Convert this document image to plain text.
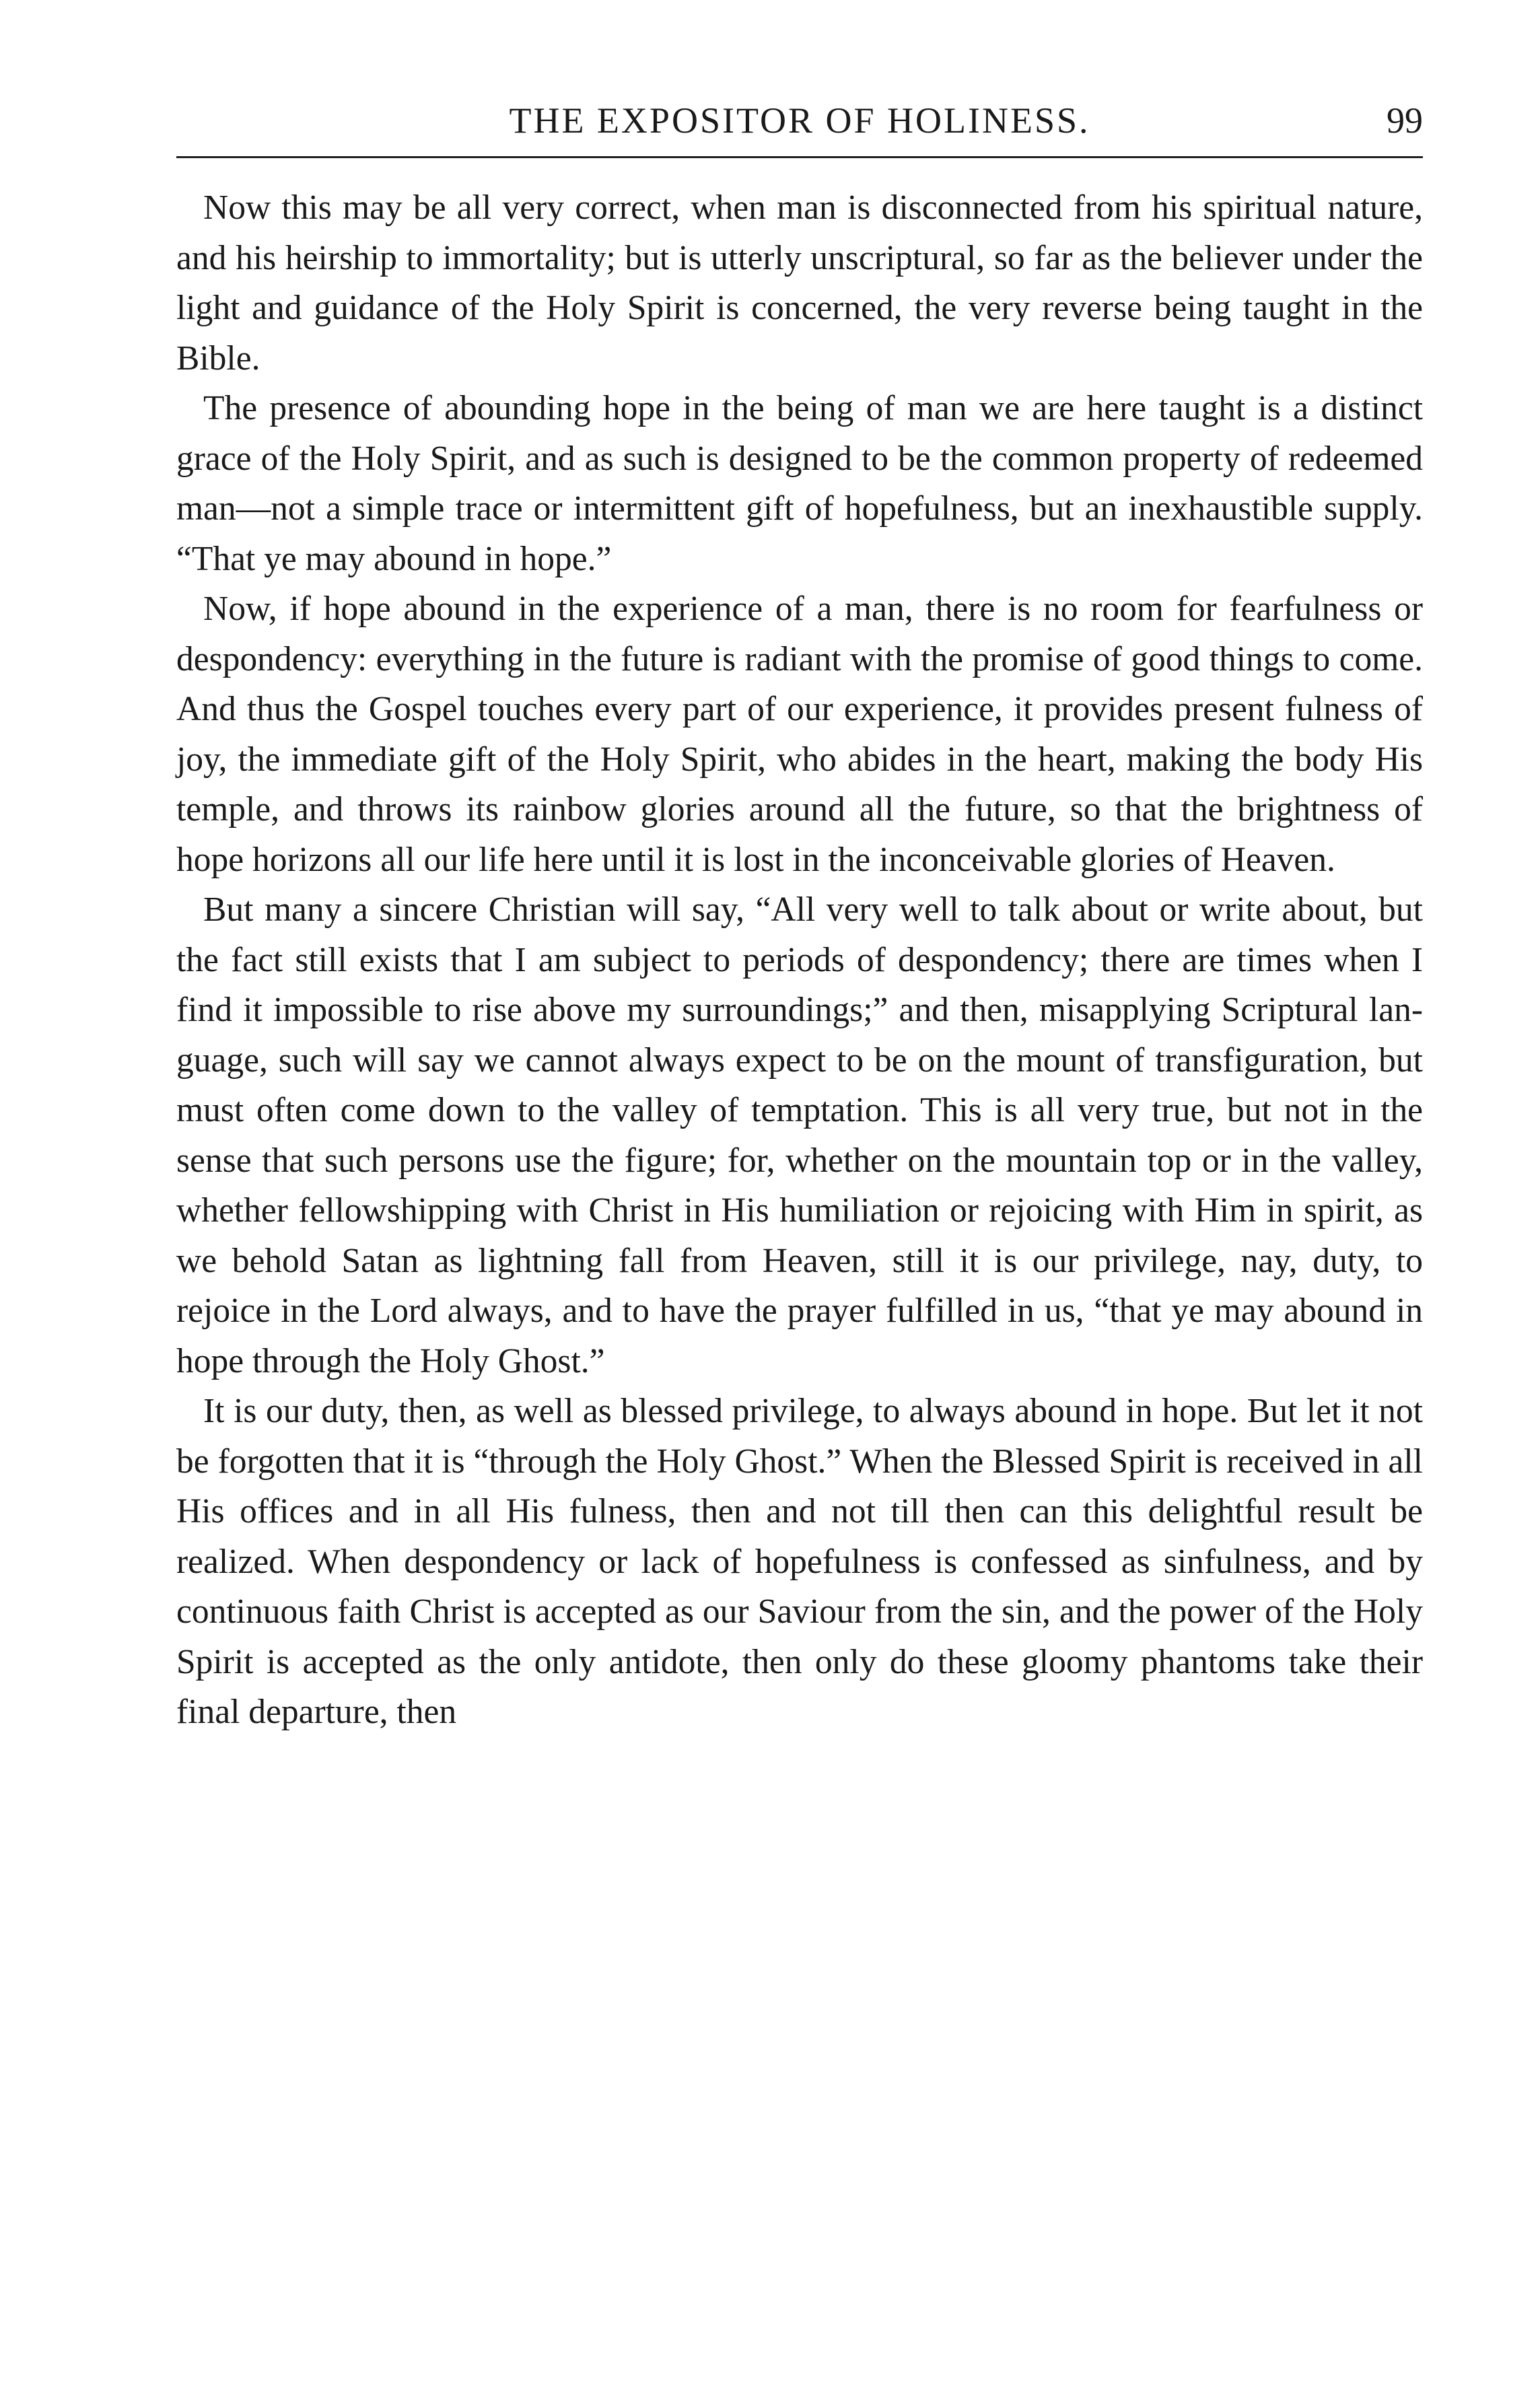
THE EXPOSITOR OF HOLINESS.	99

Now this may be all very correct, when man is disconnected from his spiritual nature, and his heirship to immortality; but is utterly unscriptural, so far as the believer under the light and guidance of the Holy Spirit is concerned, the very reverse being taught in the Bible.

The presence of abounding hope in the being of man we are here taught is a distinct grace of the Holy Spirit, and as such is designed to be the common property of redeemed man—not a simple trace or intermittent gift of hopefulness, but an inexhaustible supply. “That ye may abound in hope.”

Now, if hope abound in the experience of a man, there is no room for fearfulness or despondency: everything in the future is radiant with the promise of good things to come. And thus the Gospel touches every part of our experience, it provides present fulness of joy, the immediate gift of the Holy Spirit, who abides in the heart, making the body His temple, and throws its rainbow glories around all the future, so that the brightness of hope horizons all our life here until it is lost in the inconceivable glories of Heaven.

But many a sincere Christian will say, “All very well to talk about or write about, but the fact still exists that I am subject to periods of despondency; there are times when I find it impossible to rise above my surroundings;” and then, misapplying Scriptural language, such will say we cannot always expect to be on the mount of transfiguration, but must often come down to the valley of temptation. This is all very true, but not in the sense that such persons use the figure; for, whether on the mountain top or in the valley, whether fellowshipping with Christ in His humiliation or rejoicing with Him in spirit, as we behold Satan as lightning fall from Heaven, still it is our privilege, nay, duty, to rejoice in the Lord always, and to have the prayer fulfilled in us, “that ye may abound in hope through the Holy Ghost.”

It is our duty, then, as well as blessed privilege, to always abound in hope. But let it not be forgotten that it is “through the Holy Ghost.” When the Blessed Spirit is received in all His offices and in all His fulness, then and not till then can this delightful result be realized. When despondency or lack of hopefulness is confessed as sinfulness, and by continuous faith Christ is accepted as our Saviour from the sin, and the power of the Holy Spirit is accepted as the only antidote, then only do these gloomy phantoms take their final departure, then
